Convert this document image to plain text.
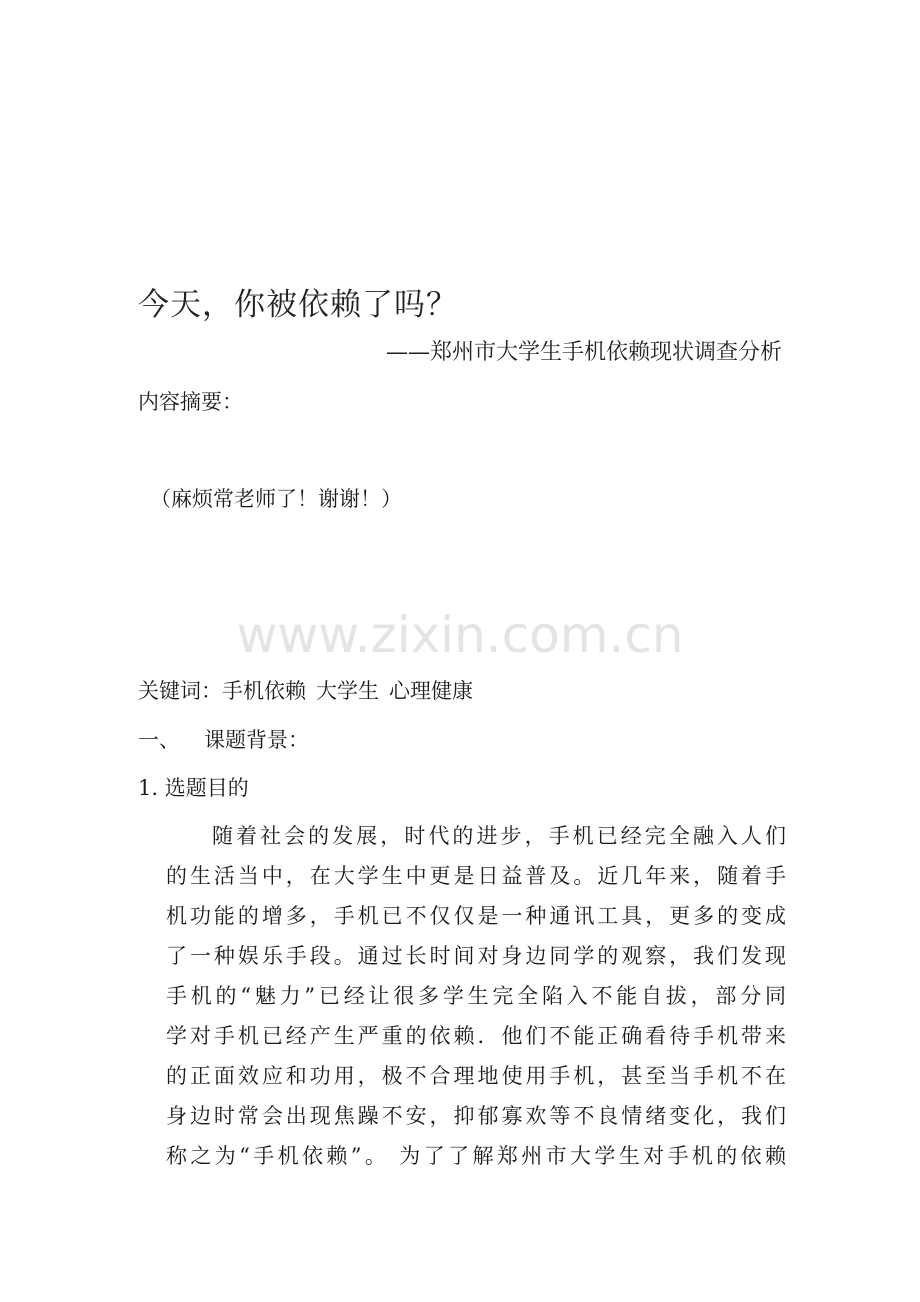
今天，你被依赖了吗？
——郑州市大学生手机依赖现状调查分析
内容摘要：
（麻烦常老师了！谢谢！）
www.zixin.com.cn
关键词：手机依赖 大学生 心理健康
一、 课题背景：
1. 选题目的
随着社会的发展，时代的进步，手机已经完全融入人们
的生活当中，在大学生中更是日益普及。近几年来，随着手
机功能的增多，手机已不仅仅是一种通讯工具，更多的变成
了一种娱乐手段。通过长时间对身边同学的观察，我们发现
手机的“魅力”已经让很多学生完全陷入不能自拔，部分同
学对手机已经产生严重的依赖．他们不能正确看待手机带来
的正面效应和功用，极不合理地使用手机，甚至当手机不在
身边时常会出现焦躁不安，抑郁寡欢等不良情绪变化，我们
称之为“手机依赖”。 为了了解郑州市大学生对手机的依赖
